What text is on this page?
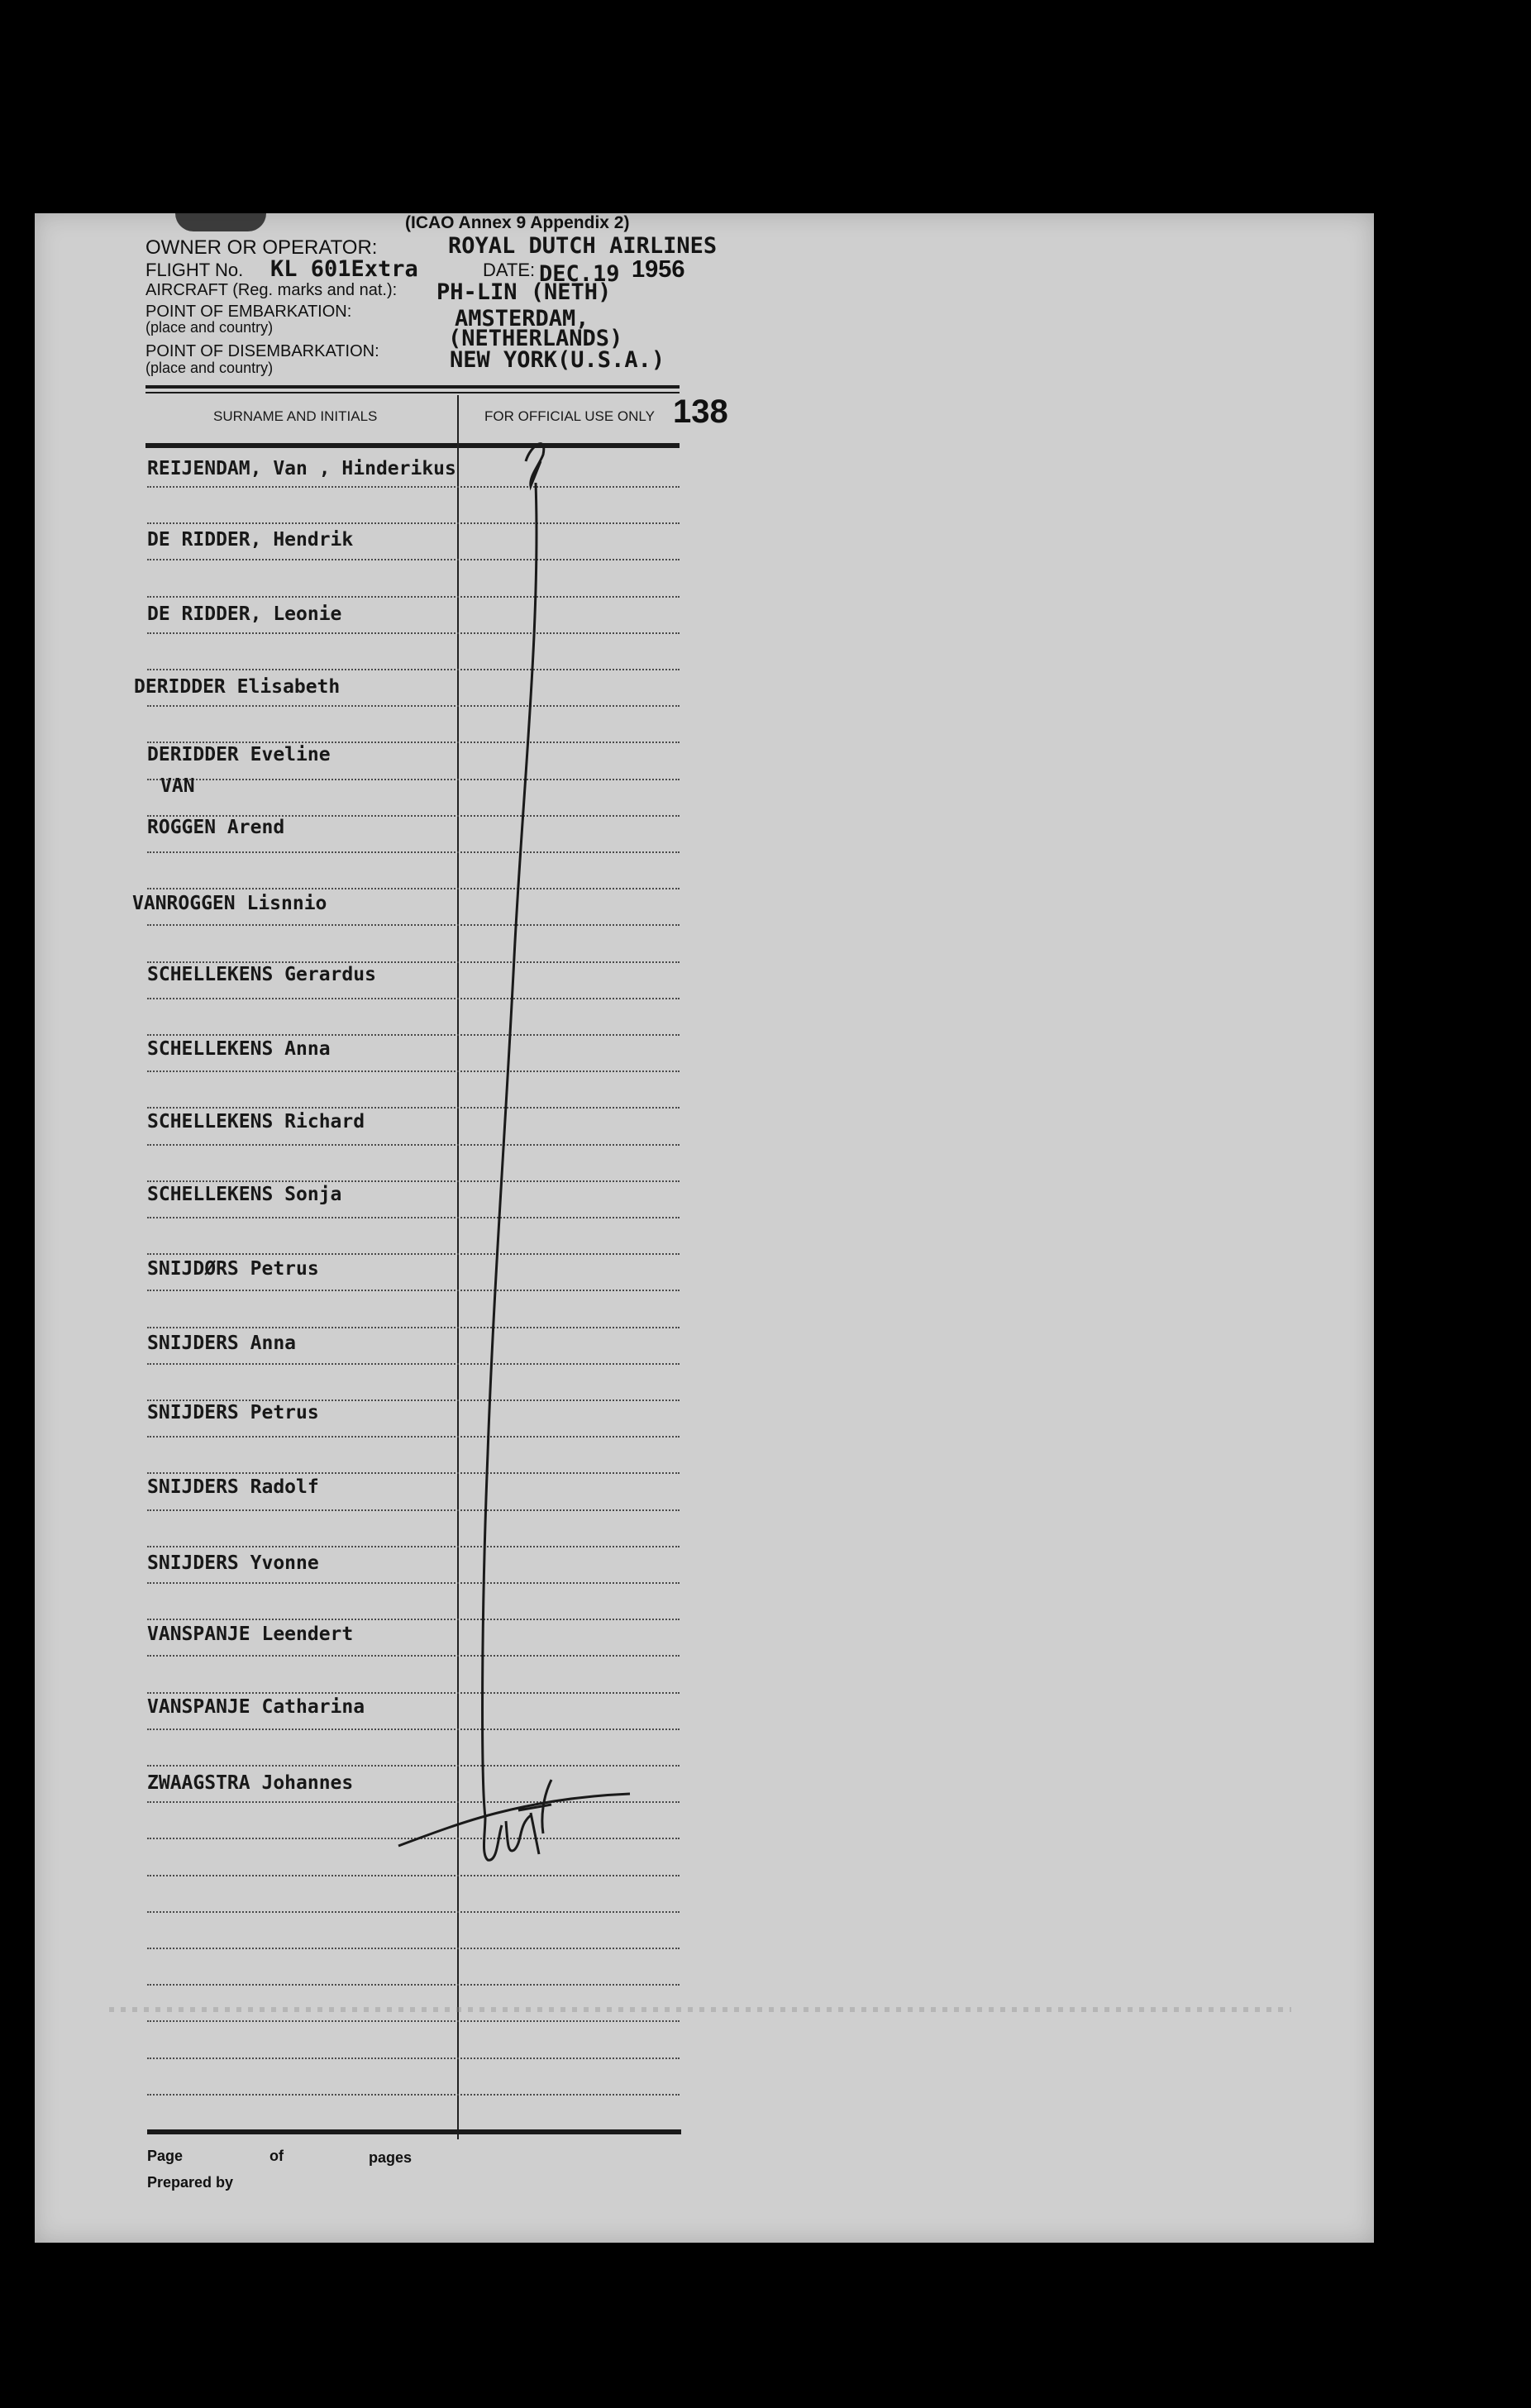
(ICAO Annex 9 Appendix 2)
OWNER OR OPERATOR:	ROYAL DUTCH AIRLINES
FLIGHT No. KL 601Extra	DATE: DEC.19 1956
AIRCRAFT (Reg. marks and nat.): PH-LIN (NETH)
POINT OF EMBARKATION:
(place and country)	AMSTERDAM,
(NETHERLANDS)
POINT OF DISEMBARKATION:
(place and country)	NEW YORK(U.S.A.)
SURNAME AND INITIALS	FOR OFFICIAL USE ONLY 138
REIJENDAM, Van , Hinderikus
DE RIDDER, Hendrik
DE RIDDER, Leonie
DERIDDER Elisabeth
DERIDDER Eveline
VAN
ROGGEN Arend
VANROGGEN Lisnnio
SCHELLEKENS Gerardus
SCHELLEKENS Anna
SCHELLEKENS Richard
SCHELLEKENS Sonja
SNIJDØRS Petrus
SNIJDERS Anna
SNIJDERS Petrus
SNIJDERS Radolf
SNIJDERS Yvonne
VANSPANJE Leendert
VANSPANJE Catharina
ZWAAGSTRA Johannes
Page	of	pages
Prepared by
